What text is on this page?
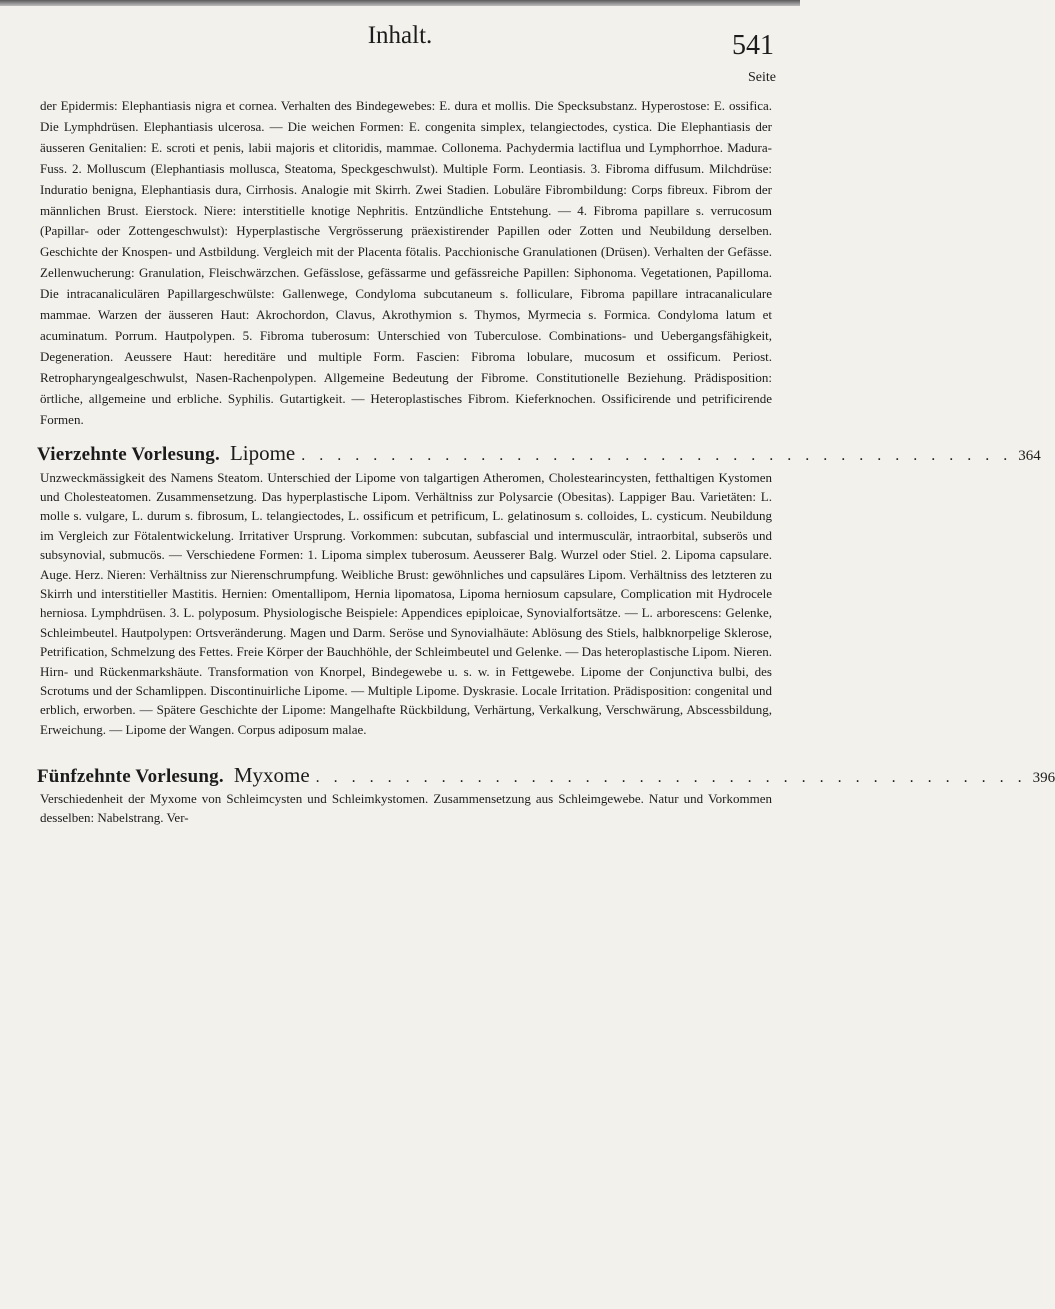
Inhalt.	541
Seite

der Epidermis: Elephantiasis nigra et cornea. Verhalten des Bindegewebes: E. dura et mollis. Die Specksubstanz. Hyperostose: E. ossifica. Die Lymphdrüsen. Elephantiasis ulcerosa. — Die weichen Formen: E. congenita simplex, telangiectodes, cystica. Die Elephantiasis der äusseren Genitalien: E. scroti et penis, labii majoris et clitoridis, mammae. Collonema. Pachydermia lactiflua und Lymphorrhoe. Madura-Fuss. 2. Molluscum (Elephantiasis mollusca, Steatoma, Speckgeschwulst). Multiple Form. Leontiasis. 3. Fibroma diffusum. Milchdrüse: Induratio benigna, Elephantiasis dura, Cirrhosis. Analogie mit Skirrh. Zwei Stadien. Lobuläre Fibrombildung: Corps fibreux. Fibrom der männlichen Brust. Eierstock. Niere: interstitielle knotige Nephritis. Entzündliche Entstehung. — 4. Fibroma papillare s. verrucosum (Papillar- oder Zottengeschwulst): Hyperplastische Vergrösserung präexistirender Papillen oder Zotten und Neubildung derselben. Geschichte der Knospen- und Astbildung. Vergleich mit der Placenta fötalis. Pacchionische Granulationen (Drüsen). Verhalten der Gefässe. Zellenwucherung: Granulation, Fleischwärzchen. Gefässlose, gefässarme und gefässreiche Papillen: Siphonoma. Vegetationen, Papilloma. Die intracanaliculären Papillargeschwülste: Gallenwege, Condyloma subcutaneum s. folliculare, Fibroma papillare intracanaliculare mammae. Warzen der äusseren Haut: Akrochordon, Clavus, Akrothymion s. Thymos, Myrmecia s. Formica. Condyloma latum et acuminatum. Porrum. Hautpolypen. 5. Fibroma tuberosum: Unterschied von Tuberculose. Combinations- und Uebergangsfähigkeit, Degeneration. Aeussere Haut: hereditäre und multiple Form. Fascien: Fibroma lobulare, mucosum et ossificum. Periost. Retropharyngealgeschwulst, Nasen-Rachenpolypen. Allgemeine Bedeutung der Fibrome. Constitutionelle Beziehung. Prädisposition: örtliche, allgemeine und erbliche. Syphilis. Gutartigkeit. — Heteroplastisches Fibrom. Kieferknochen. Ossificirende und petrificirende Formen.

Vierzehnte Vorlesung. Lipome . . . . . . . . . . . . . . . . . . . . . . . . . . . . . . . . . . . . . . . . 364

Unzweckmässigkeit des Namens Steatom. Unterschied der Lipome von talgartigen Atheromen, Cholestearincysten, fetthaltigen Kystomen und Cholesteatomen. Zusammensetzung. Das hyperplastische Lipom. Verhältniss zur Polysarcie (Obesitas). Lappiger Bau. Varietäten: L. molle s. vulgare, L. durum s. fibrosum, L. telangiectodes, L. ossificum et petrificum, L. gelatinosum s. colloides, L. cysticum. Neubildung im Vergleich zur Fötalentwickelung. Irritativer Ursprung. Vorkommen: subcutan, subfascial und intermusculär, intraorbital, subserös und subsynovial, submucös. — Verschiedene Formen: 1. Lipoma simplex tuberosum. Aeusserer Balg. Wurzel oder Stiel. 2. Lipoma capsulare. Auge. Herz. Nieren: Verhältniss zur Nierenschrumpfung. Weibliche Brust: gewöhnliches und capsuläres Lipom. Verhältniss des letzteren zu Skirrh und interstitieller Mastitis. Hernien: Omentallipom, Hernia lipomatosa, Lipoma herniosum capsulare, Complication mit Hydrocele herniosa. Lymphdrüsen. 3. L. polyposum. Physiologische Beispiele: Appendices epiploicae, Synovialfortsätze. — L. arborescens: Gelenke, Schleimbeutel. Hautpolypen: Ortsveränderung. Magen und Darm. Seröse und Synovialhäute: Ablösung des Stiels, halbknorpelige Sklerose, Petrification, Schmelzung des Fettes. Freie Körper der Bauchhöhle, der Schleimbeutel und Gelenke. — Das heteroplastische Lipom. Nieren. Hirn- und Rückenmarkshäute. Transformation von Knorpel, Bindegewebe u. s. w. in Fettgewebe. Lipome der Conjunctiva bulbi, des Scrotums und der Schamlippen. Discontinuirliche Lipome. — Multiple Lipome. Dyskrasie. Locale Irritation. Prädisposition: congenital und erblich, erworben. — Spätere Geschichte der Lipome: Mangelhafte Rückbildung, Verhärtung, Verkalkung, Verschwärung, Abscessbildung, Erweichung. — Lipome der Wangen. Corpus adiposum malae.

Fünfzehnte Vorlesung. Myxome . . . . . . . . . . . . . . . . . . . . . . . . . . . . . . . . . . . . . . . . 396

Verschiedenheit der Myxome von Schleimcysten und Schleimkystomen. Zusammensetzung aus Schleimgewebe. Natur und Vorkommen desselben: Nabelstrang. Ver-
